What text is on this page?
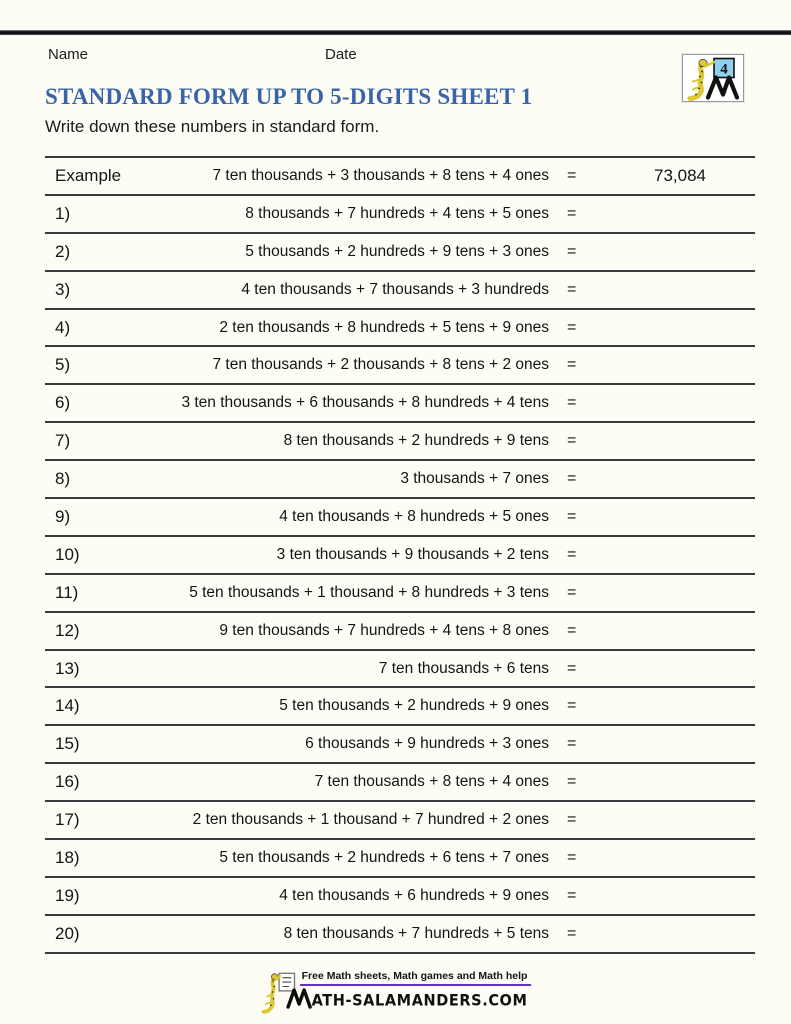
Name	Date
4
STANDARD FORM UP TO 5-DIGITS SHEET 1
Write down these numbers in standard form.
Example	7 ten thousands + 3 thousands + 8 tens + 4 ones	=	73,084
1)	8 thousands + 7 hundreds + 4 tens + 5 ones	=
2)	5 thousands + 2 hundreds + 9 tens + 3 ones	=
3)	4 ten thousands + 7 thousands + 3 hundreds	=
4)	2 ten thousands + 8 hundreds + 5 tens + 9 ones	=
5)	7 ten thousands + 2 thousands + 8 tens + 2 ones	=
6)	3 ten thousands + 6 thousands + 8 hundreds + 4 tens	=
7)	8 ten thousands + 2 hundreds + 9 tens	=
8)	3 thousands + 7 ones	=
9)	4 ten thousands + 8 hundreds + 5 ones	=
10)	3 ten thousands + 9 thousands + 2 tens	=
11)	5 ten thousands + 1 thousand + 8 hundreds + 3 tens	=
12)	9 ten thousands + 7 hundreds + 4 tens + 8 ones	=
13)	7 ten thousands + 6 tens	=
14)	5 ten thousands + 2 hundreds + 9 ones	=
15)	6 thousands + 9 hundreds + 3 ones	=
16)	7 ten thousands + 8 tens + 4 ones	=
17)	2 ten thousands + 1 thousand + 7 hundred + 2 ones	=
18)	5 ten thousands + 2 hundreds + 6 tens + 7 ones	=
19)	4 ten thousands + 6 hundreds + 9 ones	=
20)	8 ten thousands + 7 hundreds + 5 tens	=
Free Math sheets, Math games and Math help
ATH-SALAMANDERS.COM
